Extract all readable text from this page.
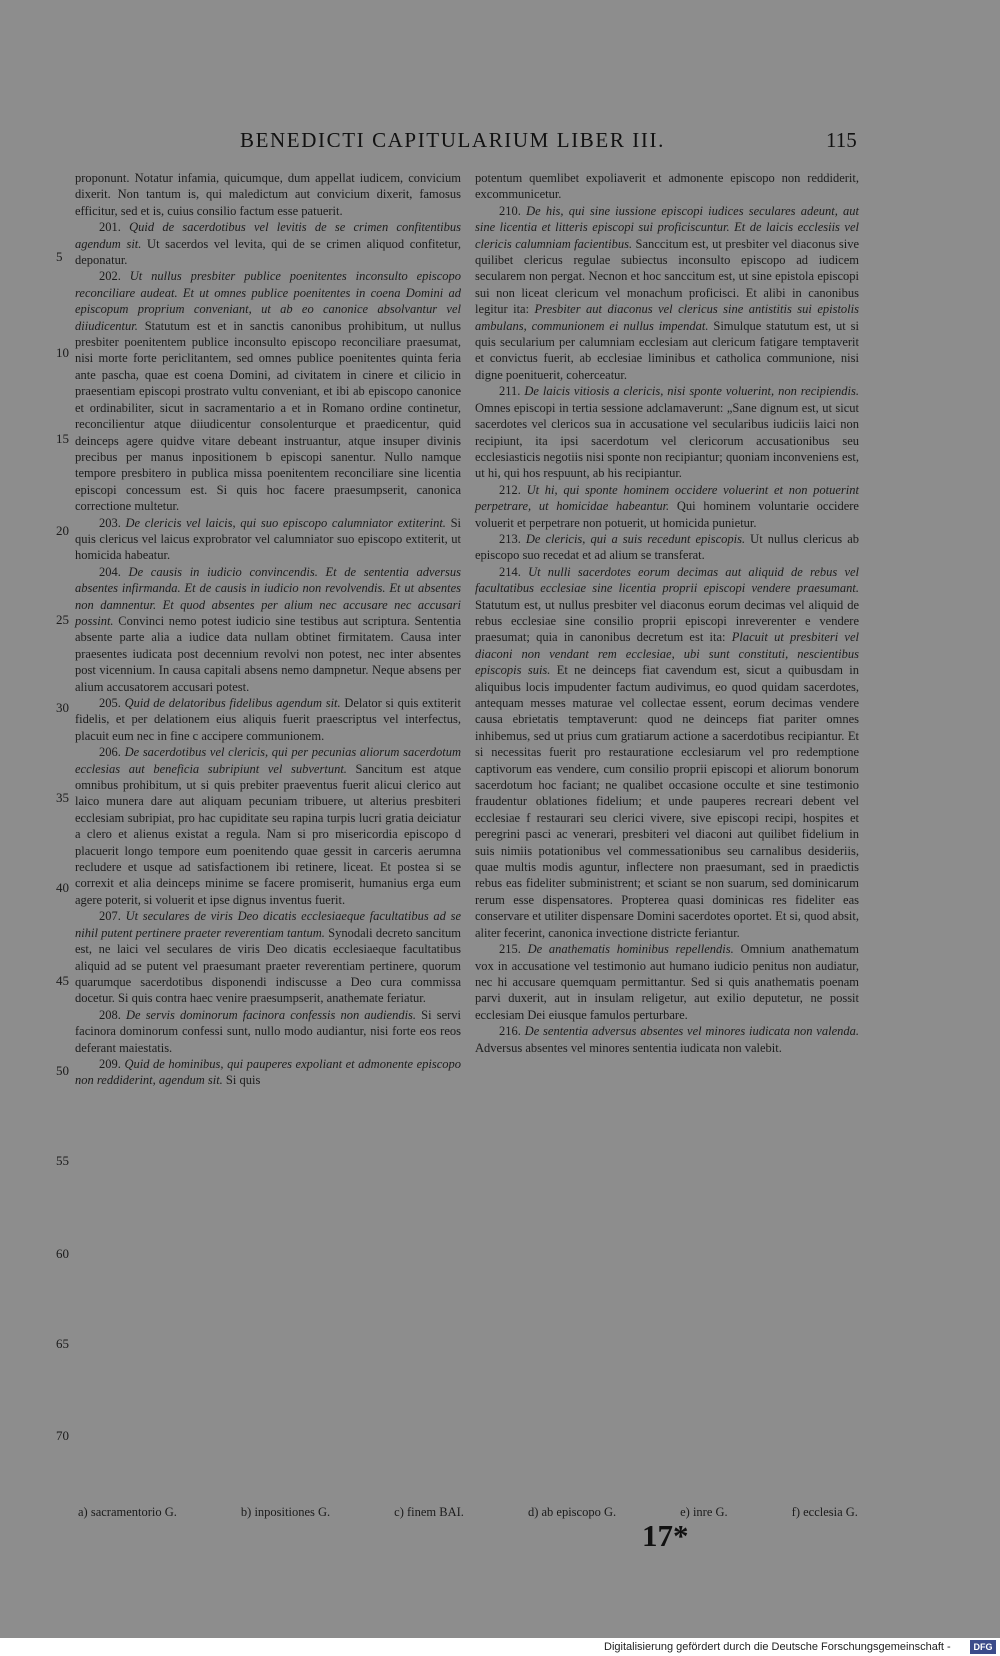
BENEDICTI CAPITULARIUM LIBER III.	115
5
10
15
20
25
30
35
40
45
50
55
60
65
70

proponunt. Notatur infamia, quicumque, dum appellat iudicem, convicium dixerit. Non tantum is, qui maledictum aut convicium dixerit, famosus efficitur, sed et is, cuius consilio factum esse patuerit.

201. Quid de sacerdotibus vel levitis de se crimen confitentibus agendum sit. Ut sacerdos vel levita, qui de se crimen aliquod confitetur, deponatur.

202. Ut nullus presbiter publice poenitentes inconsulto episcopo reconciliare audeat. Et ut omnes publice poenitentes in coena Domini ad episcopum proprium conveniant, ut ab eo canonice absolvantur vel diiudicentur. Statutum est et in sanctis canonibus prohibitum, ut nullus presbiter poenitentem publice inconsulto episcopo reconciliare praesumat, nisi morte forte periclitantem, sed omnes publice poenitentes quinta feria ante pascha, quae est coena Domini, ad civitatem in cinere et cilicio in praesentiam episcopi prostrato vultu conveniant, et ibi ab episcopo canonice et ordinabiliter, sicut in sacramentario a et in Romano ordine continetur, reconcilientur atque diiudicentur consolenturque et praedicentur, quid deinceps agere quidve vitare debeant instruantur, atque insuper divinis precibus per manus inpositionem b episcopi sanentur. Nullo namque tempore presbitero in publica missa poenitentem reconciliare sine licentia episcopi concessum est. Si quis hoc facere praesumpserit, canonica correctione multetur.

203. De clericis vel laicis, qui suo episcopo calumniator extiterint. Si quis clericus vel laicus exprobrator vel calumniator suo episcopo extiterit, ut homicida habeatur.

204. De causis in iudicio convincendis. Et de sententia adversus absentes infirmanda. Et de causis in iudicio non revolvendis. Et ut absentes non damnentur. Et quod absentes per alium nec accusare nec accusari possint. Convinci nemo potest iudicio sine testibus aut scriptura. Sententia absente parte alia a iudice data nullam obtinet firmitatem. Causa inter praesentes iudicata post decennium revolvi non potest, nec inter absentes post vicennium. In causa capitali absens nemo dampnetur. Neque absens per alium accusatorem accusari potest.

205. Quid de delatoribus fidelibus agendum sit. Delator si quis extiterit fidelis, et per delationem eius aliquis fuerit praescriptus vel interfectus, placuit eum nec in fine c accipere communionem.

206. De sacerdotibus vel clericis, qui per pecunias aliorum sacerdotum ecclesias aut beneficia subripiunt vel subvertunt. Sancitum est atque omnibus prohibitum, ut si quis prebiter praeventus fuerit alicui clerico aut laico munera dare aut aliquam pecuniam tribuere, ut alterius presbiteri ecclesiam subripiat, pro hac cupiditate seu rapina turpis lucri gratia deiciatur a clero et alienus existat a regula. Nam si pro misericordia episcopo d placuerit longo tempore eum poenitendo quae gessit in carceris aerumna recludere et usque ad satisfactionem ibi retinere, liceat. Et postea si se correxit et alia deinceps minime se facere promiserit, humanius erga eum agere poterit, si voluerit et ipse dignus inventus fuerit.

207. Ut seculares de viris Deo dicatis ecclesiaeque facultatibus ad se nihil putent pertinere praeter reverentiam tantum. Synodali decreto sancitum est, ne laici vel seculares de viris Deo dicatis ecclesiaeque facultatibus aliquid ad se putent vel praesumant praeter reverentiam pertinere, quorum quarumque sacerdotibus disponendi indiscusse a Deo cura commissa docetur. Si quis contra haec venire praesumpserit, anathemate feriatur.

208. De servis dominorum facinora confessis non audiendis. Si servi facinora dominorum confessi sunt, nullo modo audiantur, nisi forte eos reos deferant maiestatis.

209. Quid de hominibus, qui pauperes expoliant et admonente episcopo non reddiderint, agendum sit. Si quis

potentum quemlibet expoliaverit et admonente episcopo non reddiderit, excommunicetur.

210. De his, qui sine iussione episcopi iudices seculares adeunt, aut sine licentia et litteris episcopi sui proficiscuntur. Et de laicis ecclesiis vel clericis calumniam facientibus. Sanccitum est, ut presbiter vel diaconus sive quilibet clericus regulae subiectus inconsulto episcopo ad iudicem secularem non pergat. Necnon et hoc sanccitum est, ut sine epistola episcopi sui non liceat clericum vel monachum proficisci. Et alibi in canonibus legitur ita: Presbiter aut diaconus vel clericus sine antistitis sui epistolis ambulans, communionem ei nullus impendat. Simulque statutum est, ut si quis secularium per calumniam ecclesiam aut clericum fatigare temptaverit et convictus fuerit, ab ecclesiae liminibus et catholica communione, nisi digne poenituerit, coherceatur.

211. De laicis vitiosis a clericis, nisi sponte voluerint, non recipiendis. Omnes episcopi in tertia sessione adclamaverunt: „Sane dignum est, ut sicut sacerdotes vel clericos sua in accusatione vel secularibus iudiciis laici non recipiunt, ita ipsi sacerdotum vel clericorum accusationibus seu ecclesiasticis negotiis nisi sponte non recipiantur; quoniam inconveniens est, ut hi, qui hos respuunt, ab his recipiantur.

212. Ut hi, qui sponte hominem occidere voluerint et non potuerint perpetrare, ut homicidae habeantur. Qui hominem voluntarie occidere voluerit et perpetrare non potuerit, ut homicida punietur.

213. De clericis, qui a suis recedunt episcopis. Ut nullus clericus ab episcopo suo recedat et ad alium se transferat.

214. Ut nulli sacerdotes eorum decimas aut aliquid de rebus vel facultatibus ecclesiae sine licentia proprii episcopi vendere praesumant. Statutum est, ut nullus presbiter vel diaconus eorum decimas vel aliquid de rebus ecclesiae sine consilio proprii episcopi inreverenter e vendere praesumat; quia in canonibus decretum est ita: Placuit ut presbiteri vel diaconi non vendant rem ecclesiae, ubi sunt constituti, nescientibus episcopis suis. Et ne deinceps fiat cavendum est, sicut a quibusdam in aliquibus locis impudenter factum audivimus, eo quod quidam sacerdotes, antequam messes maturae vel collectae essent, eorum decimas vendere causa ebrietatis temptaverunt: quod ne deinceps fiat pariter omnes inhibemus, sed ut prius cum gratiarum actione a sacerdotibus recipiantur. Et si necessitas fuerit pro restauratione ecclesiarum vel pro redemptione captivorum eas vendere, cum consilio proprii episcopi et aliorum bonorum sacerdotum hoc faciant; ne qualibet occasione occulte et sine testimonio fraudentur oblationes fidelium; et unde pauperes recreari debent vel ecclesiae f restaurari seu clerici vivere, sive episcopi recipi, hospites et peregrini pasci ac venerari, presbiteri vel diaconi aut quilibet fidelium in suis nimiis potationibus vel commessationibus seu carnalibus desideriis, quae multis modis aguntur, inflectere non praesumant, sed in praedictis rebus eas fideliter subministrent; et sciant se non suarum, sed dominicarum rerum esse dispensatores. Propterea quasi dominicas res fideliter eas conservare et utiliter dispensare Domini sacerdotes oportet. Et si, quod absit, aliter fecerint, canonica invectione districte feriantur.

215. De anathematis hominibus repellendis. Omnium anathematum vox in accusatione vel testimonio aut humano iudicio penitus non audiatur, nec hi accusare quemquam permittantur. Sed si quis anathematis poenam parvi duxerit, aut in insulam religetur, aut exilio deputetur, ne possit ecclesiam Dei eiusque famulos perturbare.

216. De sententia adversus absentes vel minores iudicata non valenda. Adversus absentes vel minores sententia iudicata non valebit.

a) sacramentorio G.	b) inpositiones G.	c) finem BAI.	d) ab episcopo G.	e) inre G.	f) ecclesia G.
17*
Digitalisierung gefördert durch die Deutsche Forschungsgemeinschaft -	DFG
